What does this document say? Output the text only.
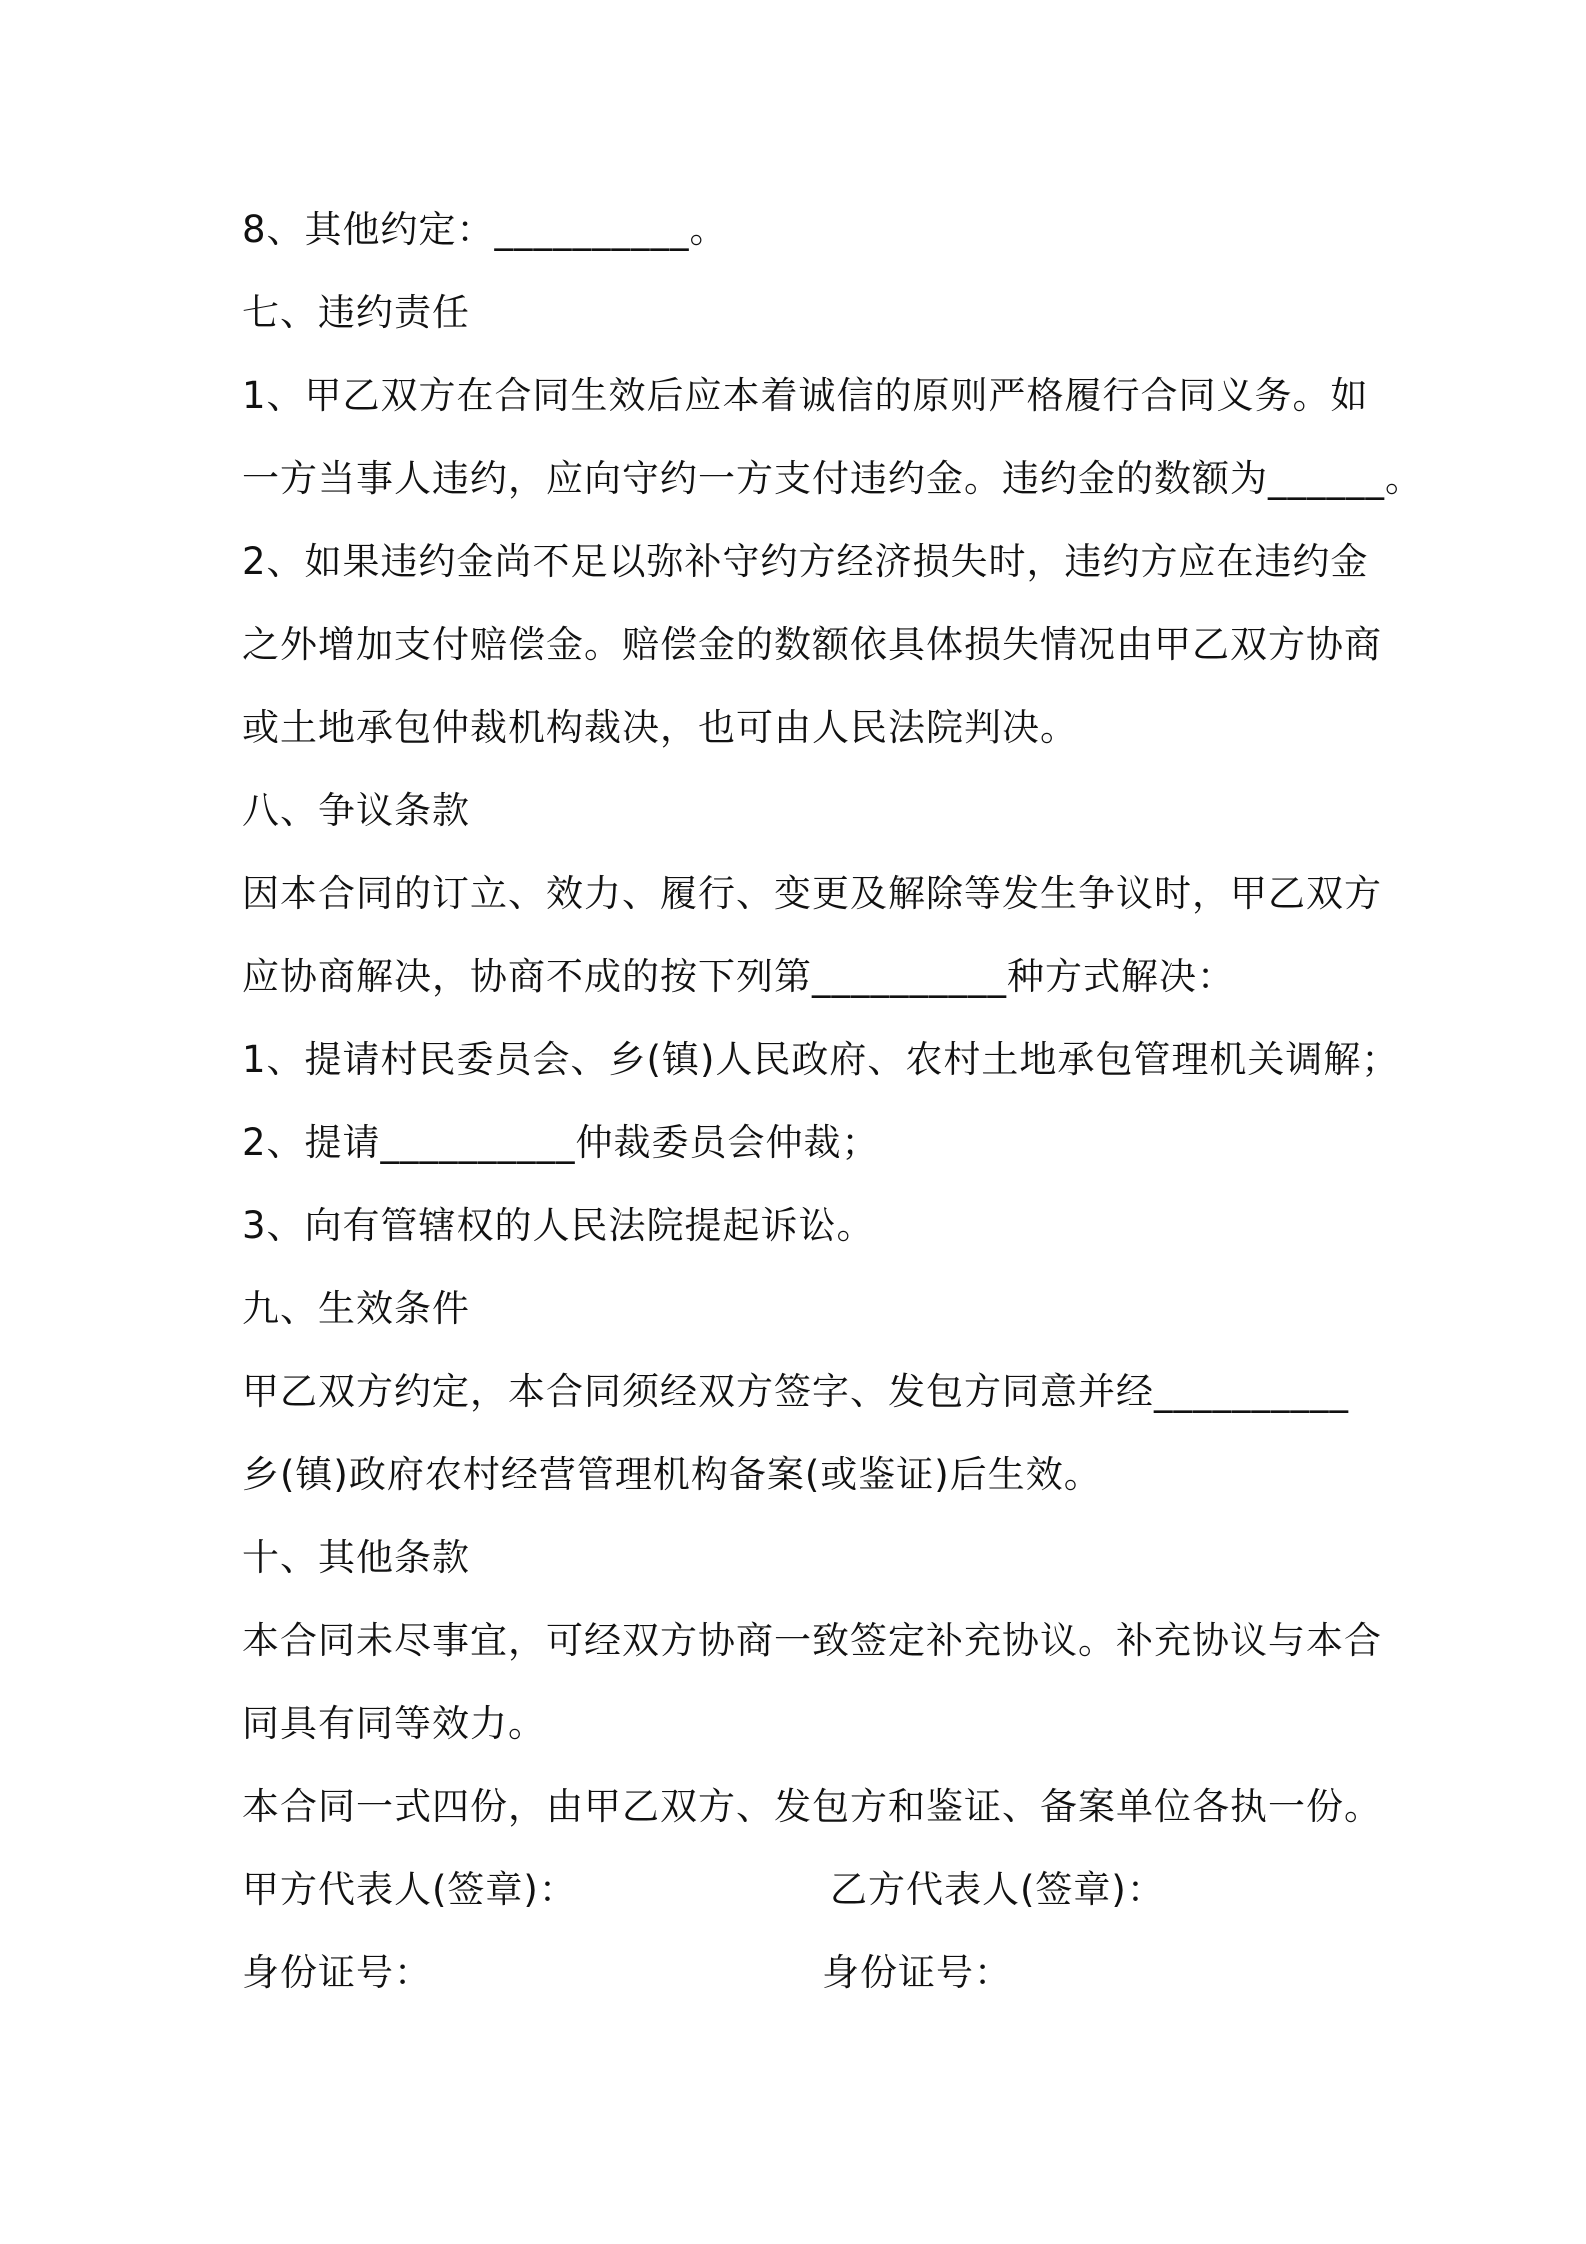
8、其他约定：__________。
七、违约责任
1、甲乙双方在合同生效后应本着诚信的原则严格履行合同义务。如
一方当事人违约，应向守约一方支付违约金。违约金的数额为______。
2、如果违约金尚不足以弥补守约方经济损失时，违约方应在违约金
之外增加支付赔偿金。赔偿金的数额依具体损失情况由甲乙双方协商
或土地承包仲裁机构裁决，也可由人民法院判决。
八、争议条款
因本合同的订立、效力、履行、变更及解除等发生争议时，甲乙双方
应协商解决，协商不成的按下列第__________种方式解决：
1、提请村民委员会、乡(镇)人民政府、农村土地承包管理机关调解；
2、提请__________仲裁委员会仲裁；
3、向有管辖权的人民法院提起诉讼。
九、生效条件
甲乙双方约定，本合同须经双方签字、发包方同意并经__________
乡(镇)政府农村经营管理机构备案(或鉴证)后生效。
十、其他条款
本合同未尽事宜，可经双方协商一致签定补充协议。补充协议与本合
同具有同等效力。
本合同一式四份，由甲乙双方、发包方和鉴证、备案单位各执一份。
甲方代表人(签章)：	乙方代表人(签章)：
身份证号：	身份证号：
